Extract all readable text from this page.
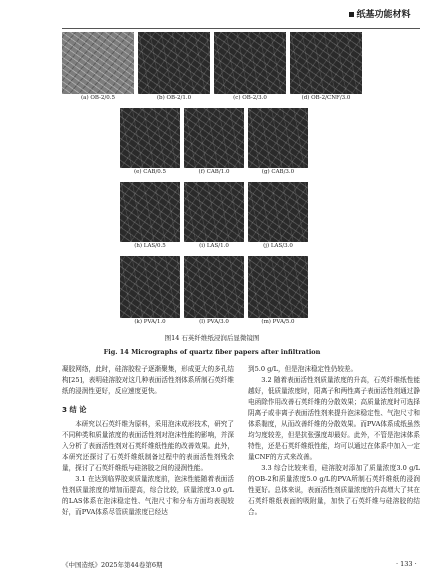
纸基功能材料
(a) OB-2/0.5	(b) OB-2/1.0	(c) OB-2/3.0	(d) OB-2/CNF/3.0
(e) CAB/0.5	(f) CAB/1.0	(g) CAB/3.0
(h) LAS/0.5	(i) LAS/1.0	(j) LAS/3.0
(k) PVA/1.0	(l) PVA/3.0	(m) PVA/5.0
图14 石英纤维纸浸润后显微镜图
Fig. 14 Micrographs of quartz fiber papers after infiltration

凝胶网络，此时，硅溶胶粒子逐渐聚集，形成更大的多孔结构[25]，表明硅溶胶对这几种表面活性剂体系所制石英纤维纸的浸润性更好，反应速度更快。

3 结 论

本研究以石英纤维为原料，采用泡沫成形技术，研究了不同种类和质量浓度的表面活性剂对泡沫性能的影响，并深入分析了表面活性剂对石英纤维纸性能的改善效果。此外，本研究还探讨了石英纤维纸制备过程中的表面活性剂残余量，探讨了石英纤维纸与硅溶胶之间的浸润性能。

3.1 在达到临界胶束质量浓度前，泡沫性能随着表面活性剂质量浓度的增加而提高，综合比较，质量浓度3.0 g/L的LAS体系在泡沫稳定性、气泡尺寸和分布方面均表现较好，而PVA体系尽管质量浓度已经达

到5.0 g/L，但是泡沫稳定性仍较差。

3.2 随着表面活性剂质量浓度的升高，石英纤维纸性能越好，低质量浓度时，阳离子和两性离子表面活性剂通过静电函除作用改善石英纤维的分散效果；高质量浓度时可选择阴离子或非离子表面活性剂来提升泡沫稳定性、气泡尺寸和体系黏度，从而改善纤维的分散效果。而PVA体系成纸虽然均匀度较差，但是抗张强度却最好。此外，不管是泡沫体系特性，还是石英纤维纸性能，均可以通过在体系中加入一定量CNF的方式来改善。

3.3 综合比较来看，硅溶胶对添加了质量浓度3.0 g/L的OB-2和质量浓度5.0 g/L的PVA所制石英纤维纸的浸润性更好。总体来说，表面活性剂质量浓度的升高增大了其在石英纤维纸表面的吸附量，加快了石英纤维与硅溶胶的结合。

《中国造纸》2025年第44卷第6期	· 133 ·
